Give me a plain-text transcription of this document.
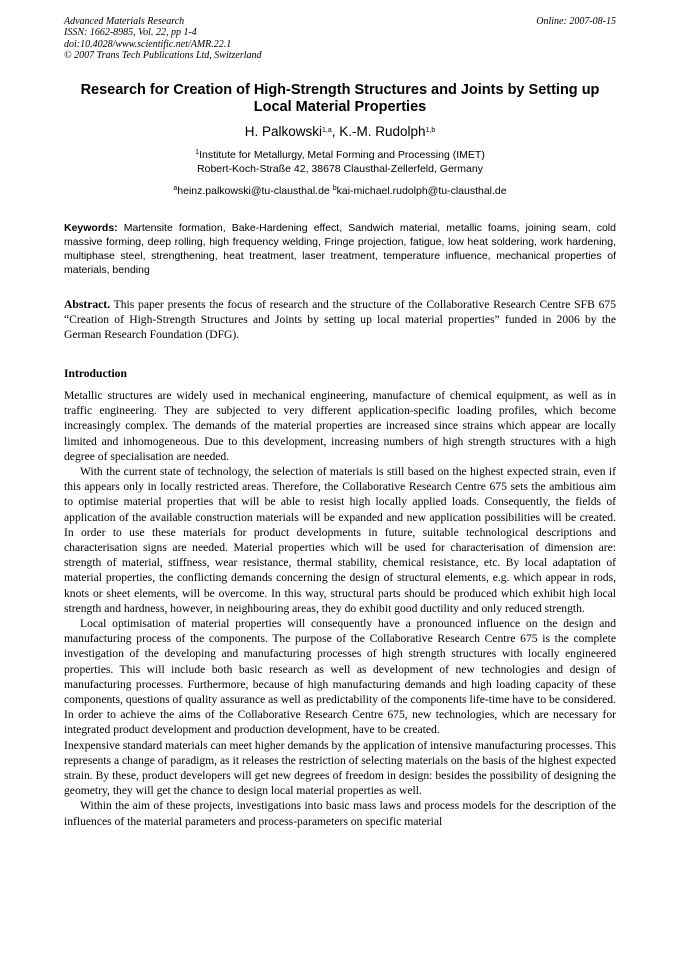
Advanced Materials Research
ISSN: 1662-8985, Vol. 22, pp 1-4
doi:10.4028/www.scientific.net/AMR.22.1
© 2007 Trans Tech Publications Ltd, Switzerland
Online: 2007-08-15
Research for Creation of High-Strength Structures and Joints by Setting up Local Material Properties
H. Palkowski$^{1,a}$, K.-M. Rudolph$^{1,b}$
$^1$Institute for Metallurgy, Metal Forming and Processing (IMET)
Robert-Koch-Straße 42, 38678 Clausthal-Zellerfeld, Germany
$^a$heinz.palkowski@tu-clausthal.de $^b$kai-michael.rudolph@tu-clausthal.de
Keywords: Martensite formation, Bake-Hardening effect, Sandwich material, metallic foams, joining seam, cold massive forming, deep rolling, high frequency welding, Fringe projection, fatigue, low heat soldering, work hardening, multiphase steel, strengthening, heat treatment, laser treatment, temperature influence, mechanical properties of materials, bending
Abstract. This paper presents the focus of research and the structure of the Collaborative Research Centre SFB 675 “Creation of High-Strength Structures and Joints by setting up local material properties” funded in 2006 by the German Research Foundation (DFG).
Introduction

Metallic structures are widely used in mechanical engineering, manufacture of chemical equipment, as well as in traffic engineering. They are subjected to very different application-specific loading profiles, which become increasingly complex. The demands of the material properties are increased since strains which appear are locally limited and inhomogeneous. Due to this development, increasing numbers of high strength structures with a high degree of specialisation are needed.

With the current state of technology, the selection of materials is still based on the highest expected strain, even if this appears only in locally restricted areas. Therefore, the Collaborative Research Centre 675 sets the ambitious aim to optimise material properties that will be able to resist high locally applied loads. Consequently, the fields of application of the available construction materials will be expanded and new application possibilities will be created. In order to use these materials for product developments in future, suitable technological descriptions and characterisation signs are needed. Material properties which will be used for characterisation of dimension are: strength of material, stiffness, wear resistance, thermal stability, chemical resistance, etc. By local adaptation of material properties, the conflicting demands concerning the design of structural elements, e.g. which appear in rods, knots or sheet elements, will be overcome. In this way, structural parts should be produced which exhibit high local strength and hardness, however, in neighbouring areas, they do exhibit good ductility and only reduced strength.

Local optimisation of material properties will consequently have a pronounced influence on the design and manufacturing process of the components. The purpose of the Collaborative Research Centre 675 is the complete investigation of the developing and manufacturing processes of high strength structures with locally engineered properties. This will include both basic research as well as development of new technologies and design of manufacturing processes. Furthermore, because of high manufacturing demands and high loading capacity of these components, questions of quality assurance as well as predictability of the components life-time have to be considered. In order to achieve the aims of the Collaborative Research Centre 675, new technologies, which are necessary for integrated product development and production development, have to be created.

Inexpensive standard materials can meet higher demands by the application of intensive manufacturing processes. This represents a change of paradigm, as it releases the restriction of selecting materials on the basis of the highest expected strain. By these, product developers will get new degrees of freedom in design: besides the possibility of designing the geometry, they will get the chance to design local material properties as well.

Within the aim of these projects, investigations into basic mass laws and process models for the description of the influences of the material parameters and process-parameters on specific material
